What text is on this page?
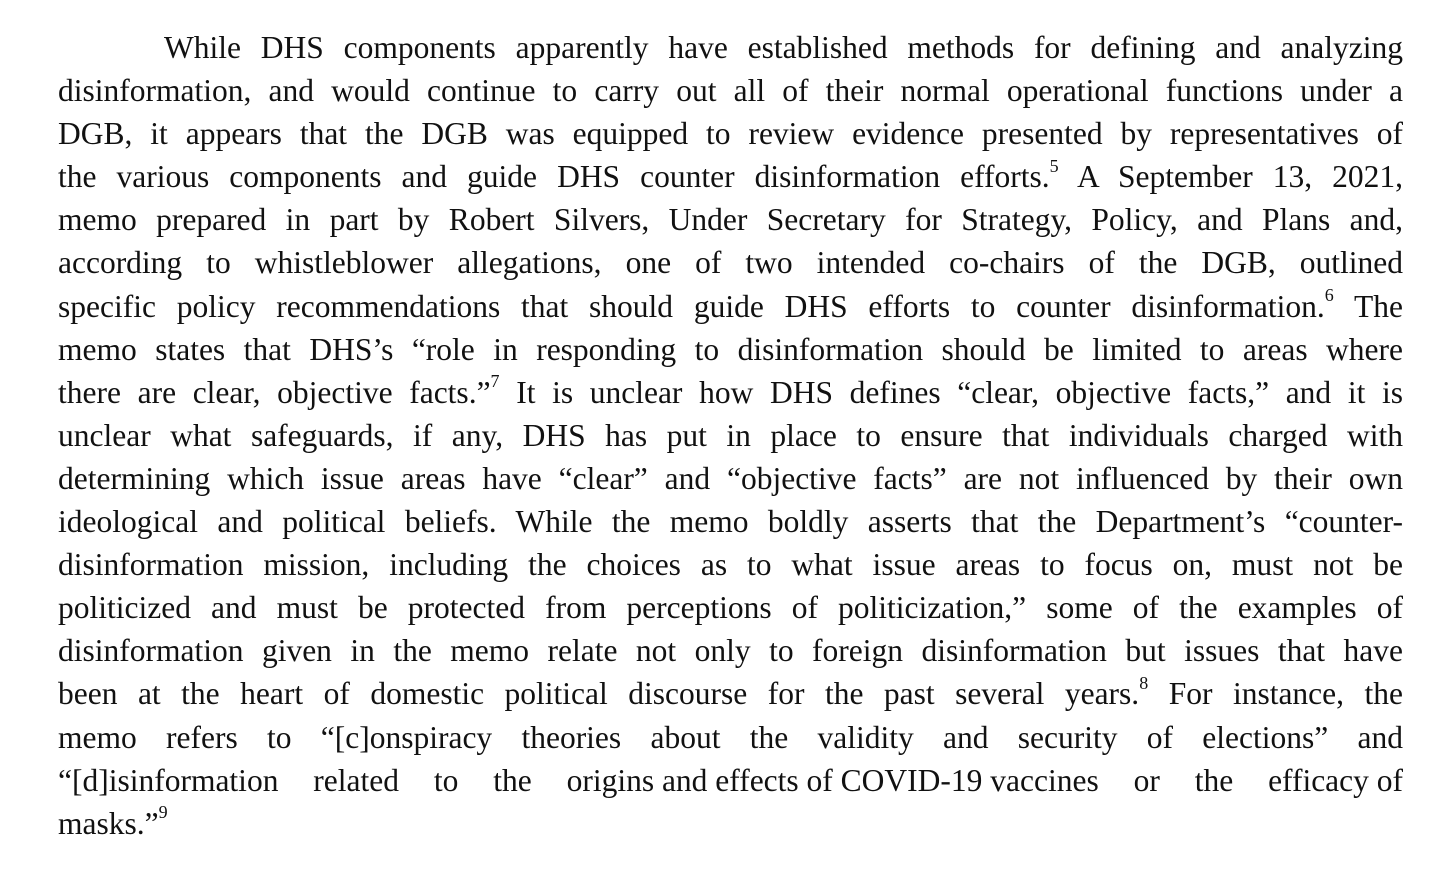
While DHS components apparently have established methods for defining and analyzing
disinformation, and would continue to carry out all of their normal operational functions under a
DGB, it appears that the DGB was equipped to review evidence presented by representatives of
the various components and guide DHS counter disinformation efforts.$^5$ A September 13, 2021,
memo prepared in part by Robert Silvers, Under Secretary for Strategy, Policy, and Plans and,
according to whistleblower allegations, one of two intended co-chairs of the DGB, outlined
specific policy recommendations that should guide DHS efforts to counter disinformation.$^6$ The
memo states that DHS’s “role in responding to disinformation should be limited to areas where
there are clear, objective facts.”$^7$ It is unclear how DHS defines “clear, objective facts,” and it is
unclear what safeguards, if any, DHS has put in place to ensure that individuals charged with
determining which issue areas have “clear” and “objective facts” are not influenced by their own
ideological and political beliefs. While the memo boldly asserts that the Department’s “counter-
disinformation mission, including the choices as to what issue areas to focus on, must not be
politicized and must be protected from perceptions of politicization,” some of the examples of
disinformation given in the memo relate not only to foreign disinformation but issues that have
been at the heart of domestic political discourse for the past several years.$^8$ For instance, the
memo refers to “[c]onspiracy theories about the validity and security of elections” and
“[d]isinformation related to the origins and effects of COVID-19 vaccines or the efficacy of
masks.”$^9$
